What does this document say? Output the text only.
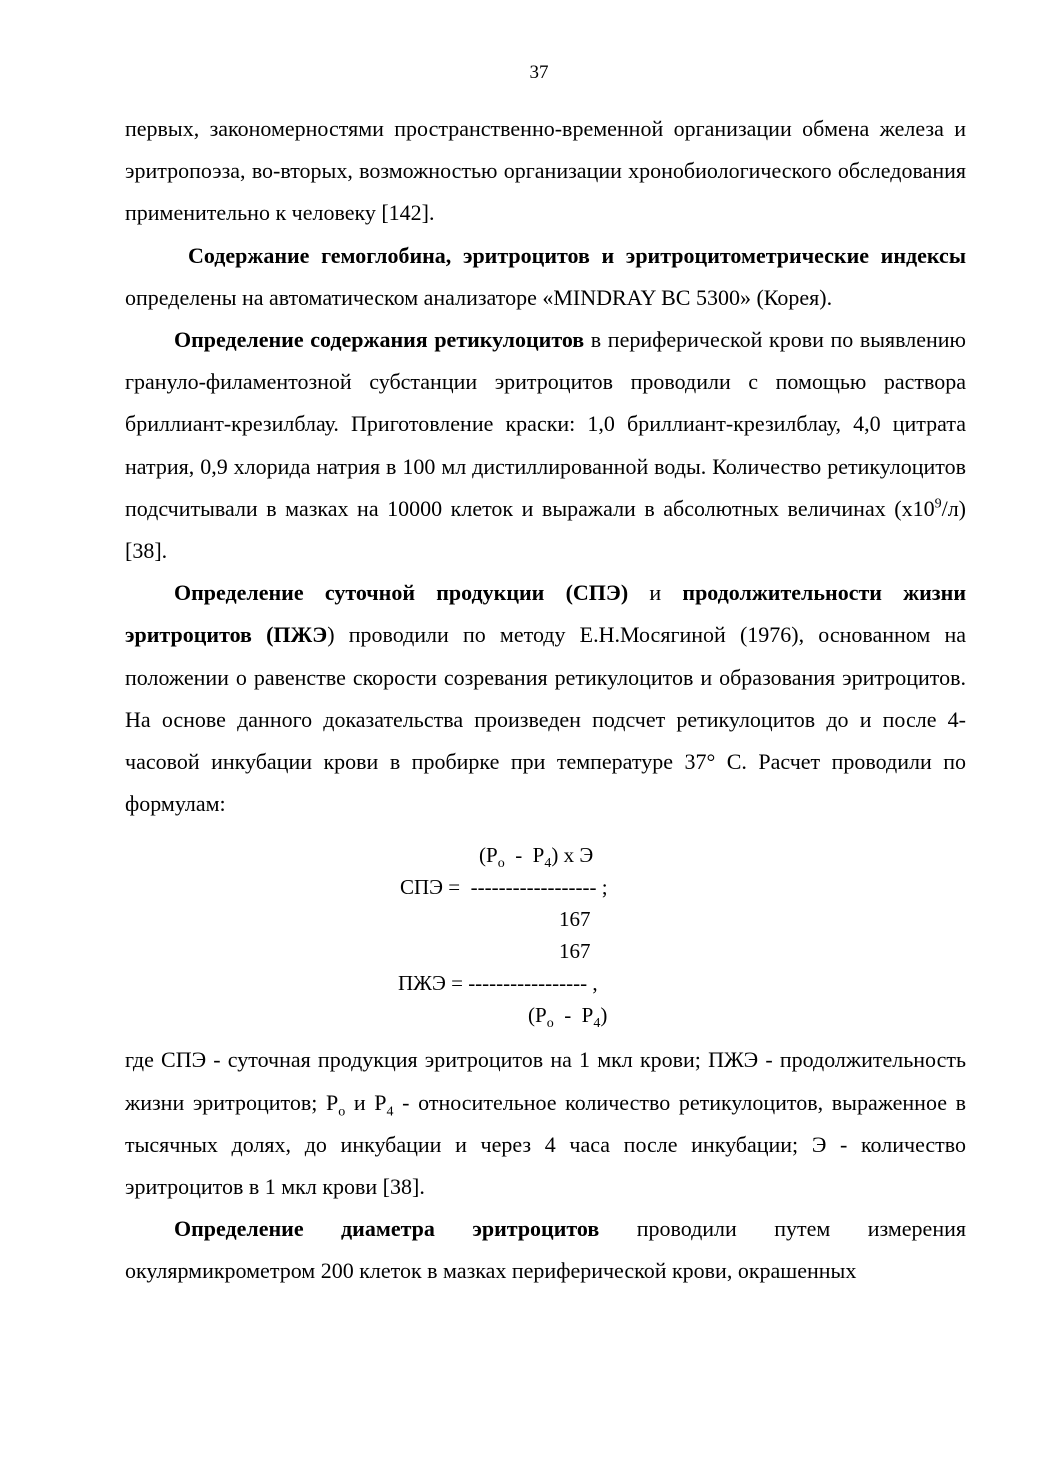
37

первых, закономерностями пространственно-временной организации обмена железа и эритропоэза, во-вторых, возможностью организации хронобиологического обследования применительно к человеку [142].

Содержание гемоглобина, эритроцитов и эритроцитометрические индексы определены на автоматическом анализаторе «MINDRAY BC 5300» (Корея).

Определение содержания ретикулоцитов в периферической крови по выявлению грануло-филаментозной субстанции эритроцитов проводили с помощью раствора бриллиант-крезилблау. Приготовление краски: 1,0 бриллиант-крезилблау, 4,0 цитрата натрия, 0,9 хлорида натрия в 100 мл дистиллированной воды. Количество ретикулоцитов подсчитывали в мазках на 10000 клеток и выражали в абсолютных величинах $(х10^9/л)$ [38].

Определение суточной продукции (СПЭ) и продолжительности жизни эритроцитов (ПЖЭ) проводили по методу Е.Н.Мосягиной (1976), основанном на положении о равенстве скорости созревания ретикулоцитов и образования эритроцитов. На основе данного доказательства произведен подсчет ретикулоцитов до и после 4-часовой инкубации крови в пробирке при температуре 37° С. Расчет проводили по формулам:

$(Р_о - Р_4)$ х Э
СПЭ =  ------------------ ;
167
167
ПЖЭ = ----------------- ,
$(Р_о - Р_4)$

где СПЭ - суточная продукция эритроцитов на 1 мкл крови; ПЖЭ - продолжительность жизни эритроцитов; $Р_о$ и $Р_4$ - относительное количество ретикулоцитов, выраженное в тысячных долях, до инкубации и через 4 часа после инкубации; Э - количество эритроцитов в 1 мкл крови [38].

Определение диаметра эритроцитов проводили путем измерения окулярмикрометром 200 клеток в мазках периферической крови, окрашенных
